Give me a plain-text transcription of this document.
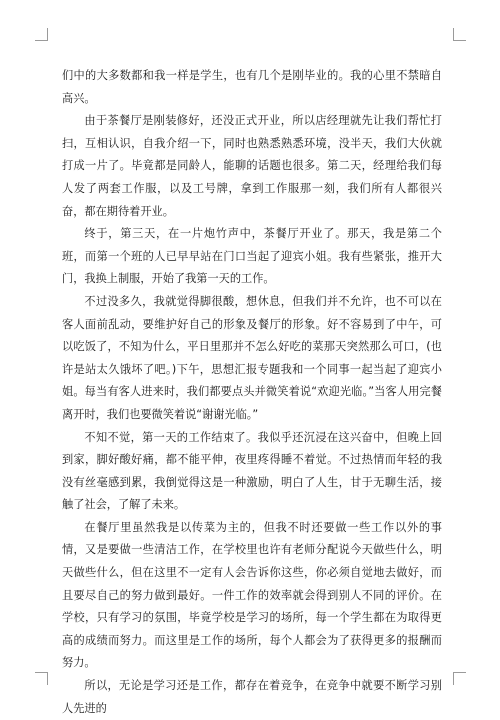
们中的大多数都和我一样是学生，也有几个是刚毕业的。我的心里不禁暗自高兴。

由于茶餐厅是刚装修好，还没正式开业，所以店经理就先让我们帮忙打扫，互相认识，自我介绍一下，同时也熟悉熟悉环境，没半天，我们大伙就打成一片了。毕竟都是同龄人，能聊的话题也很多。第二天，经理给我们每人发了两套工作服，以及工号牌，拿到工作服那一刻，我们所有人都很兴奋，都在期待着开业。

终于，第三天，在一片炮竹声中，茶餐厅开业了。那天，我是第二个班，而第一个班的人已早早站在门口当起了迎宾小姐。我有些紧张，推开大门，我换上制服，开始了我第一天的工作。

不过没多久，我就觉得脚很酸，想休息，但我们并不允许，也不可以在客人面前乱动，要维护好自己的形象及餐厅的形象。好不容易到了中午，可以吃饭了，不知为什么，平日里那并不怎么好吃的菜那天突然那么可口，(也许是站太久饿坏了吧。)下午，思想汇报专题我和一个同事一起当起了迎宾小姐。每当有客人进来时，我们都要点头并微笑着说“欢迎光临。”当客人用完餐离开时，我们也要微笑着说“谢谢光临。”

不知不觉，第一天的工作结束了。我似乎还沉浸在这兴奋中，但晚上回到家，脚好酸好痛，都不能平伸，夜里疼得睡不着觉。不过热情而年轻的我没有丝毫感到累，我倒觉得这是一种激励，明白了人生，甘于无聊生活，接触了社会，了解了未来。

在餐厅里虽然我是以传菜为主的，但我不时还要做一些工作以外的事情，又是要做一些清洁工作，在学校里也许有老师分配说今天做些什么，明天做些什么，但在这里不一定有人会告诉你这些，你必须自觉地去做好，而且要尽自己的努力做到最好。一件工作的效率就会得到别人不同的评价。在学校，只有学习的氛围，毕竟学校是学习的场所，每一个学生都在为取得更高的成绩而努力。而这里是工作的场所，每个人都会为了获得更多的报酬而努力。

所以，无论是学习还是工作，都存在着竞争，在竞争中就要不断学习别人先进的
